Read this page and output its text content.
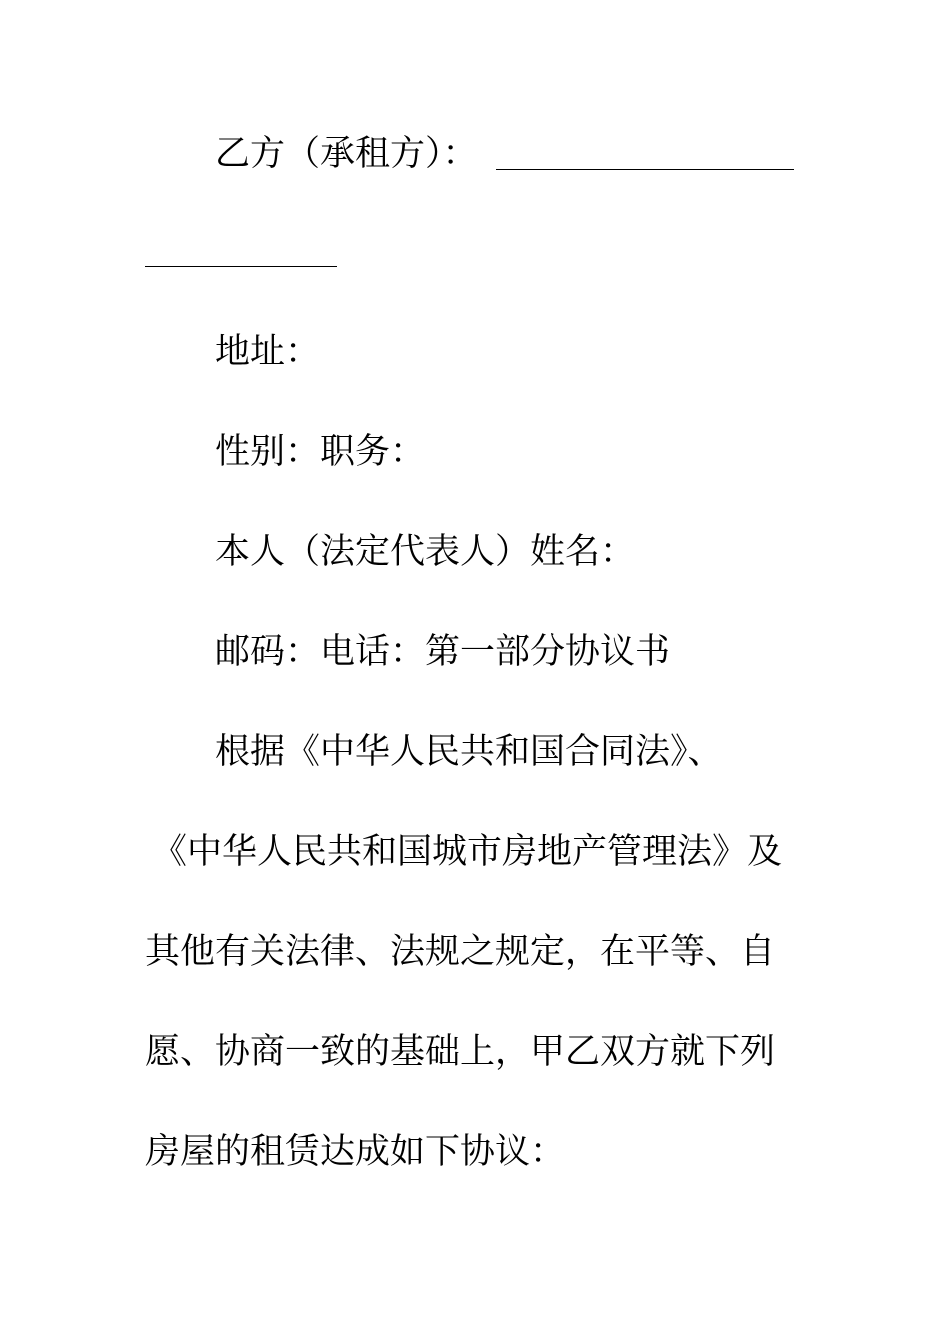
乙方（承租方）：
地址：
性别：职务：
本人（法定代表人）姓名：
邮码：电话：第一部分协议书
根据《中华人民共和国合同法》、
《中华人民共和国城市房地产管理法》及
其他有关法律、法规之规定，在平等、自
愿、协商一致的基础上，甲乙双方就下列
房屋的租赁达成如下协议：
